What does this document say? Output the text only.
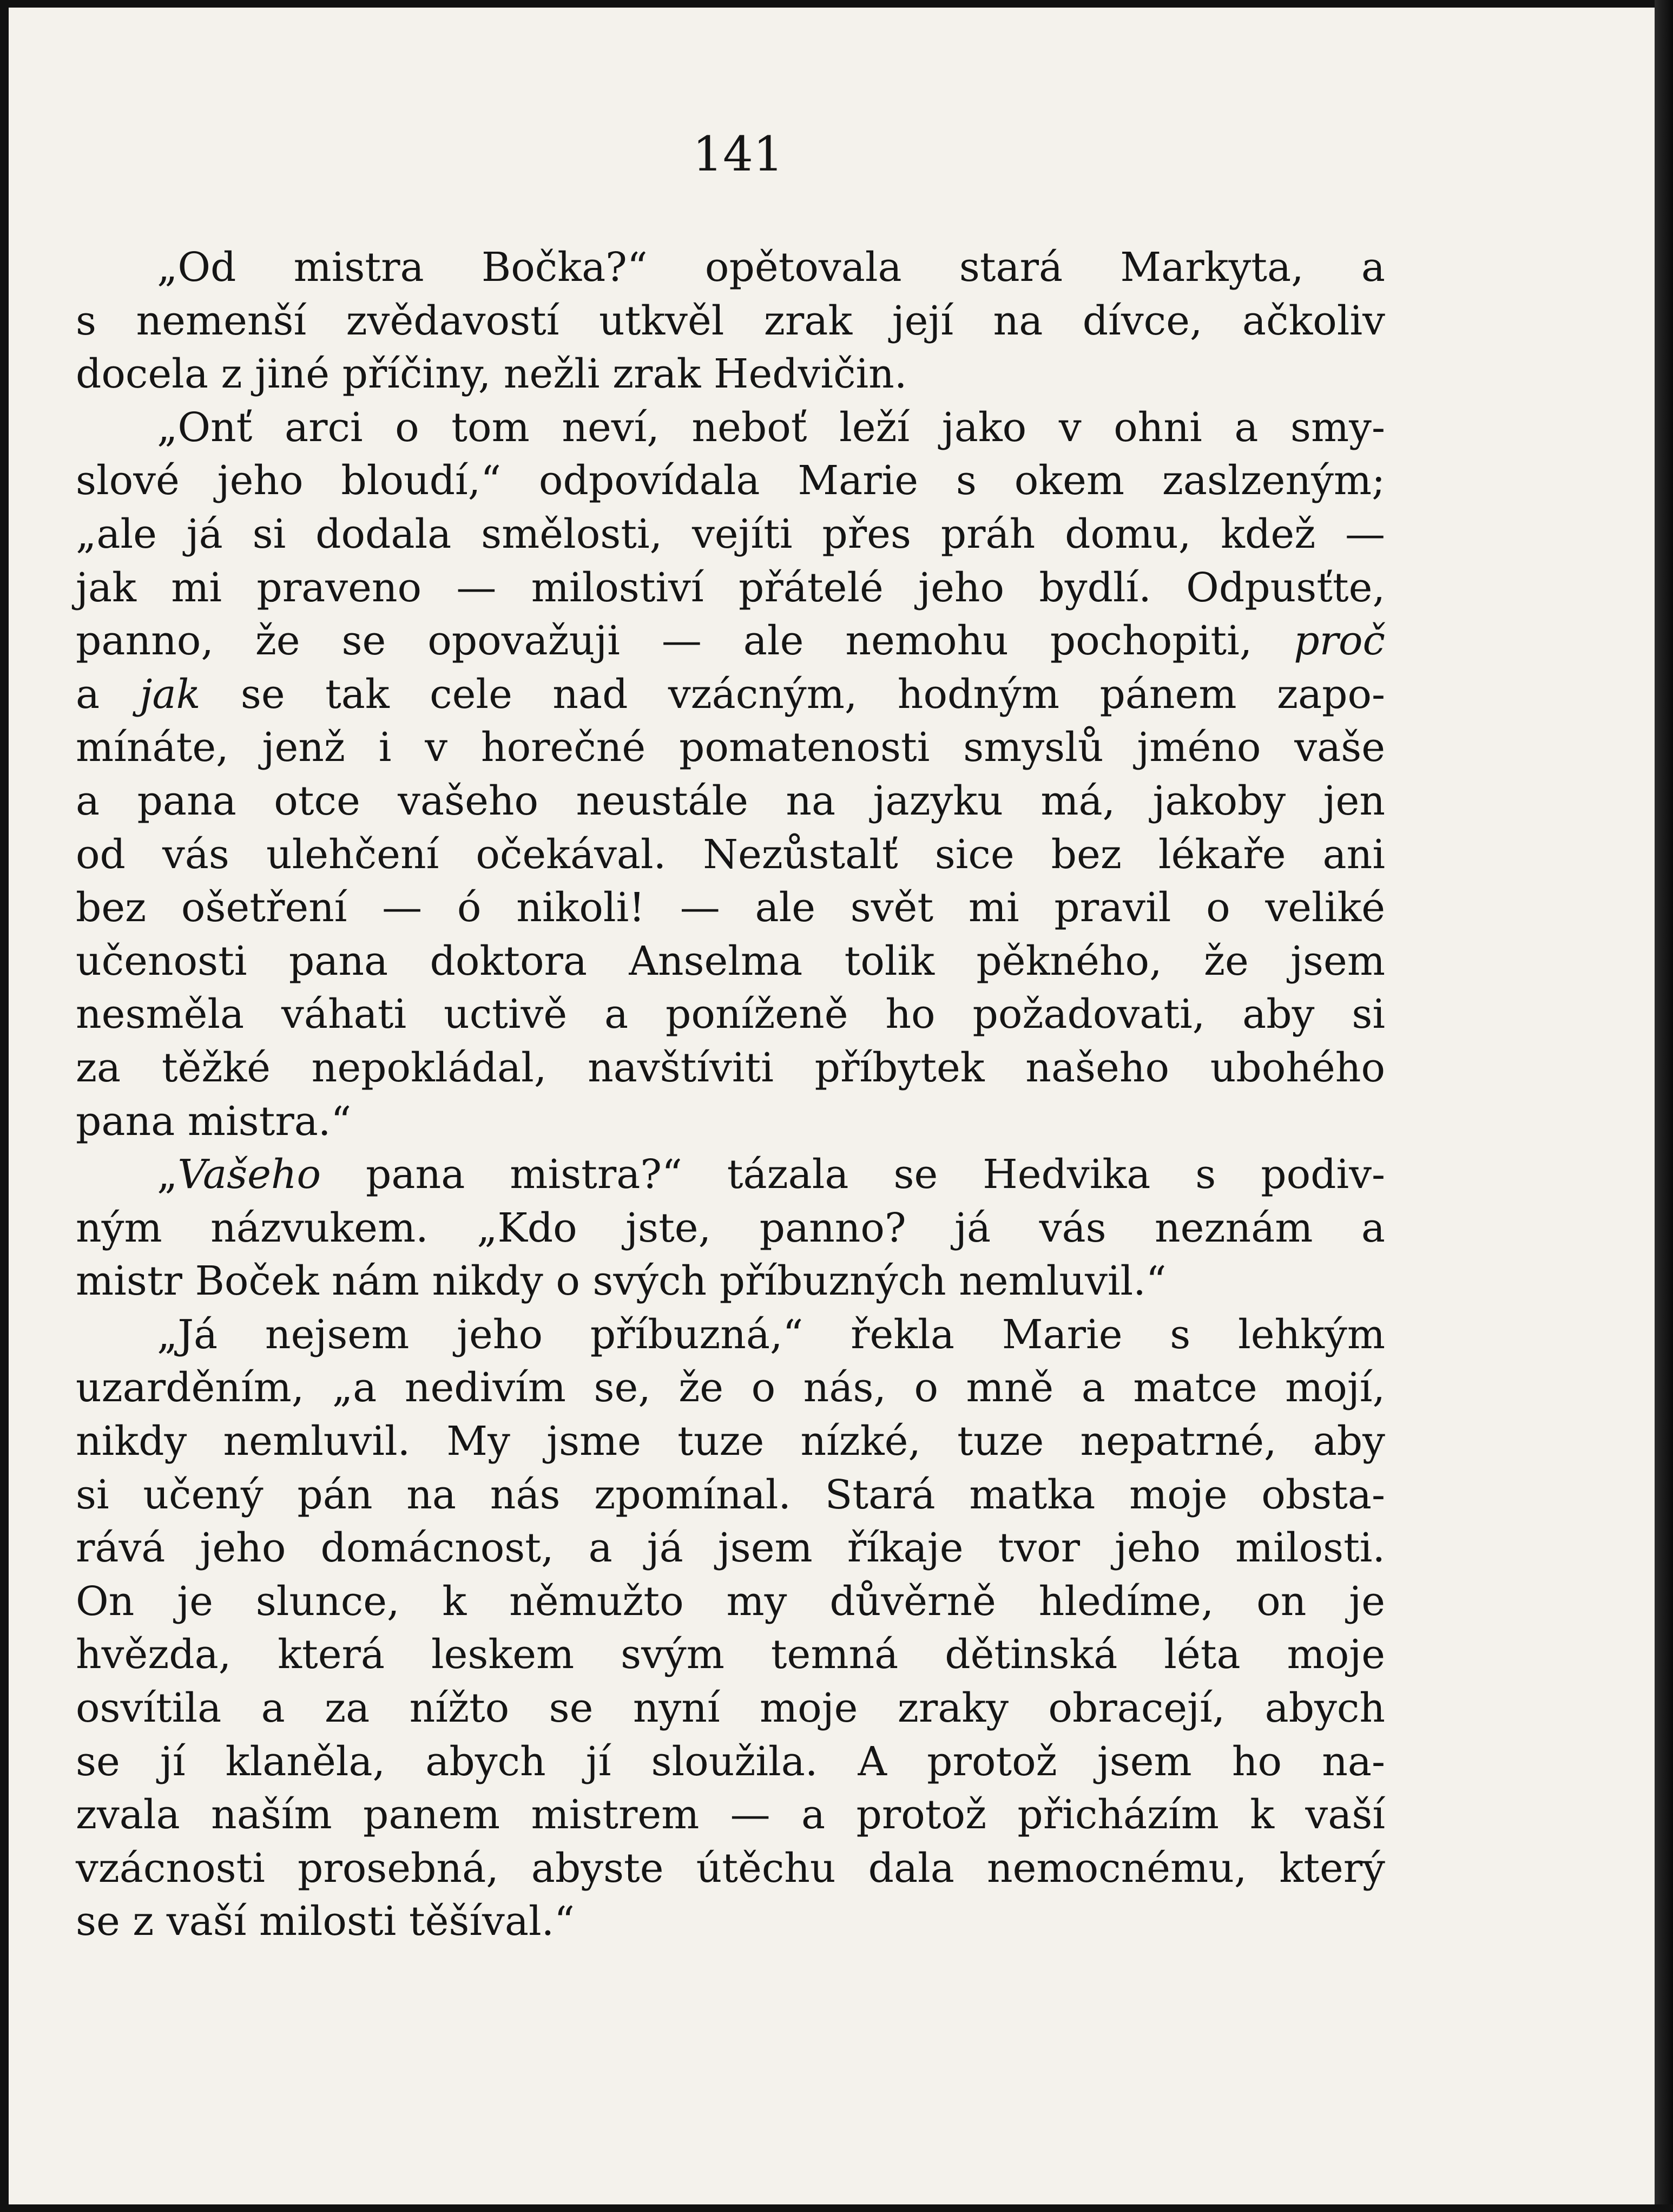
141
„Od mistra Bočka?“ opětovala stará Markyta, a
s nemenší zvědavostí utkvěl zrak její na dívce, ačkoliv
docela z jiné příčiny, nežli zrak Hedvičin.
„Onť arci o tom neví, neboť leží jako v ohni a smy-
slové jeho bloudí,“ odpovídala Marie s okem zaslzeným;
„ale já si dodala smělosti, vejíti přes práh domu, kdež —
jak mi praveno — milostiví přátelé jeho bydlí. Odpusťte,
panno, že se opovažuji — ale nemohu pochopiti, proč
a jak se tak cele nad vzácným, hodným pánem zapo-
mínáte, jenž i v horečné pomatenosti smyslů jméno vaše
a pana otce vašeho neustále na jazyku má, jakoby jen
od vás ulehčení očekával. Nezůstalť sice bez lékaře ani
bez ošetření — ó nikoli! — ale svět mi pravil o veliké
učenosti pana doktora Anselma tolik pěkného, že jsem
nesměla váhati uctivě a poníženě ho požadovati, aby si
za těžké nepokládal, navštíviti příbytek našeho ubohého
pana mistra.“
„Vašeho pana mistra?“ tázala se Hedvika s podiv-
ným názvukem. „Kdo jste, panno? já vás neznám a
mistr Boček nám nikdy o svých příbuzných nemluvil.“
„Já nejsem jeho příbuzná,“ řekla Marie s lehkým
uzarděním, „a nedivím se, že o nás, o mně a matce mojí,
nikdy nemluvil. My jsme tuze nízké, tuze nepatrné, aby
si učený pán na nás zpomínal. Stará matka moje obsta-
rává jeho domácnost, a já jsem říkaje tvor jeho milosti.
On je slunce, k němužto my důvěrně hledíme, on je
hvězda, která leskem svým temná dětinská léta moje
osvítila a za nížto se nyní moje zraky obracejí, abych
se jí klaněla, abych jí sloužila. A protož jsem ho na-
zvala naším panem mistrem — a protož přicházím k vaší
vzácnosti prosebná, abyste útěchu dala nemocnému, který
se z vaší milosti těšíval.“
